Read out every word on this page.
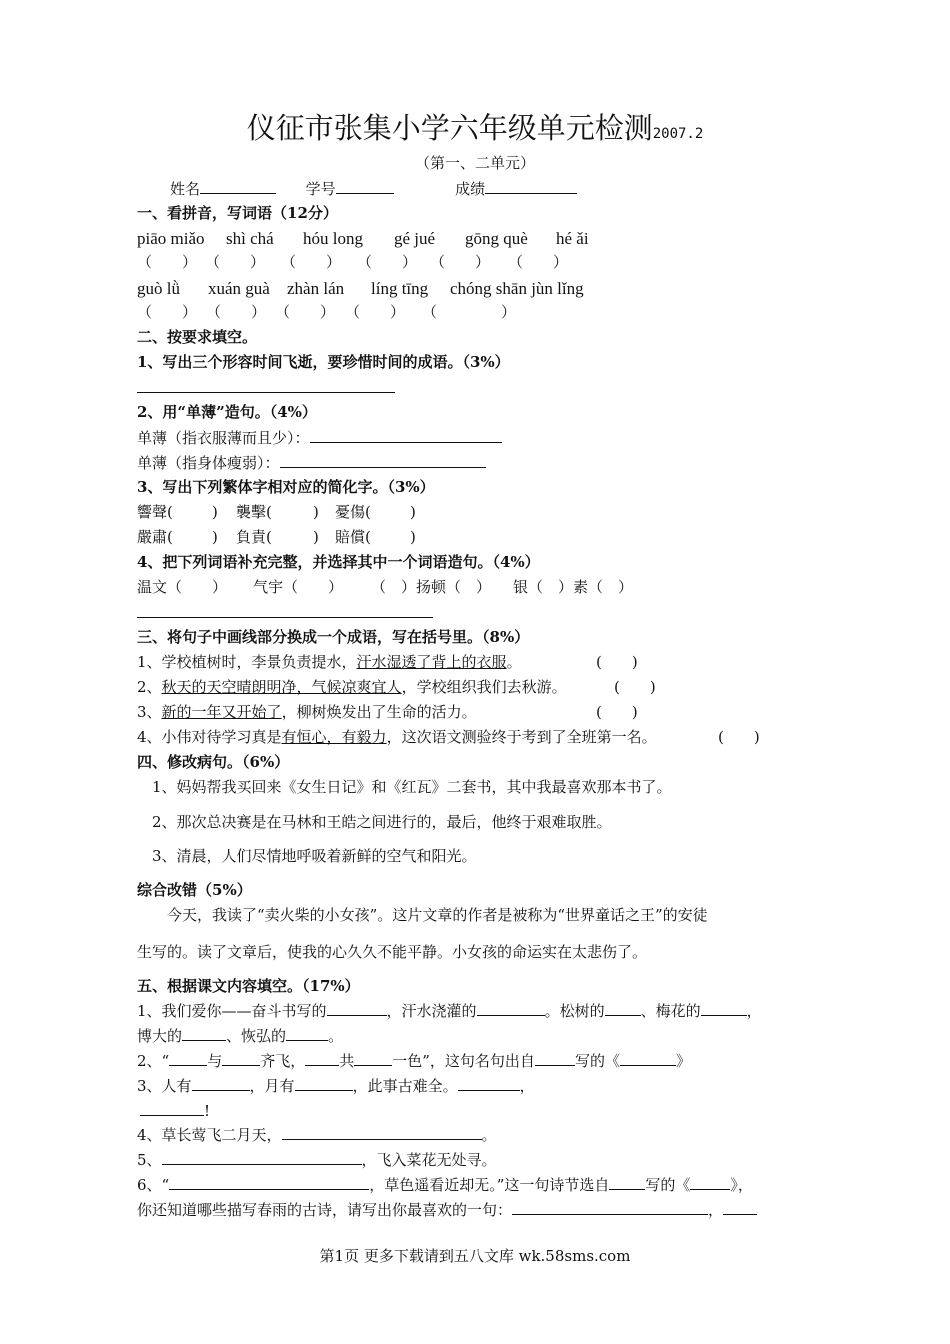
仪征市张集小学六年级单元检测2007.2
（第一、二单元）
姓名	学号	成绩
一、看拼音，写词语（12分）
piāo miǎo shì chá hóu long gé jué gōng què hé ǎi
（　　） （　　） （　　） （　　） （　　） （　　）
guò lǜ xuán guà zhàn lán líng tīng chóng shān jùn lǐng
（　　） （　　） （　　） （　　） （	）
二、按要求填空。
1、写出三个形容时间飞逝，要珍惜时间的成语。（3%）
2、用“单薄”造句。（4%）
单薄（指衣服薄而且少）：
单薄（指身体瘦弱）：
3、写出下列繁体字相对应的简化字。（3%）
響聲(	) 襲擊(	) 憂傷(	)
嚴肅(	) 負責(	) 賠償(	)
4、把下列词语补充完整，并选择其中一个词语造句。（4%）
温文（　　） 气宇（　　） （　）扬顿（　） 银（　）素（　）
三、将句子中画线部分换成一个成语，写在括号里。（8%）
1、学校植树时，李景负责提水，汗水湿透了背上的衣服。	(　　)
2、秋天的天空晴朗明净，气候凉爽宜人，学校组织我们去秋游。	(　　)
3、新的一年又开始了，柳树焕发出了生命的活力。	(　　)
4、小伟对待学习真是有恒心，有毅力，这次语文测验终于考到了全班第一名。	(　　)
四、修改病句。（6%）
1、妈妈帮我买回来《女生日记》和《红瓦》二套书，其中我最喜欢那本书了。
2、那次总决赛是在马林和王皓之间进行的，最后，他终于艰难取胜。
3、清晨，人们尽情地呼吸着新鲜的空气和阳光。
综合改错（5%）
今天，我读了“卖火柴的小女孩”。这片文章的作者是被称为“世界童话之王”的安徒
生写的。读了文章后，使我的心久久不能平静。小女孩的命运实在太悲伤了。
五、根据课文内容填空。（17%）
1、我们爱你——奋斗书写的	，汗水浇灌的	。松树的 、梅花的	，
博大的	、恢弘的	。
2、“	与	齐飞， 共	一色”，这句名句出自	写的《	》
3、人有	，月有	，此事古难全。	，
!
4、草长莺飞二月天，	。
5、	，飞入菜花无处寻。
6、“	，草色遥看近却无。”这一句诗节选自 写的《	》，
你还知道哪些描写春雨的古诗，请写出你最喜欢的一句：	，
第1页 更多下载请到五八文库 wk.58sms.com
